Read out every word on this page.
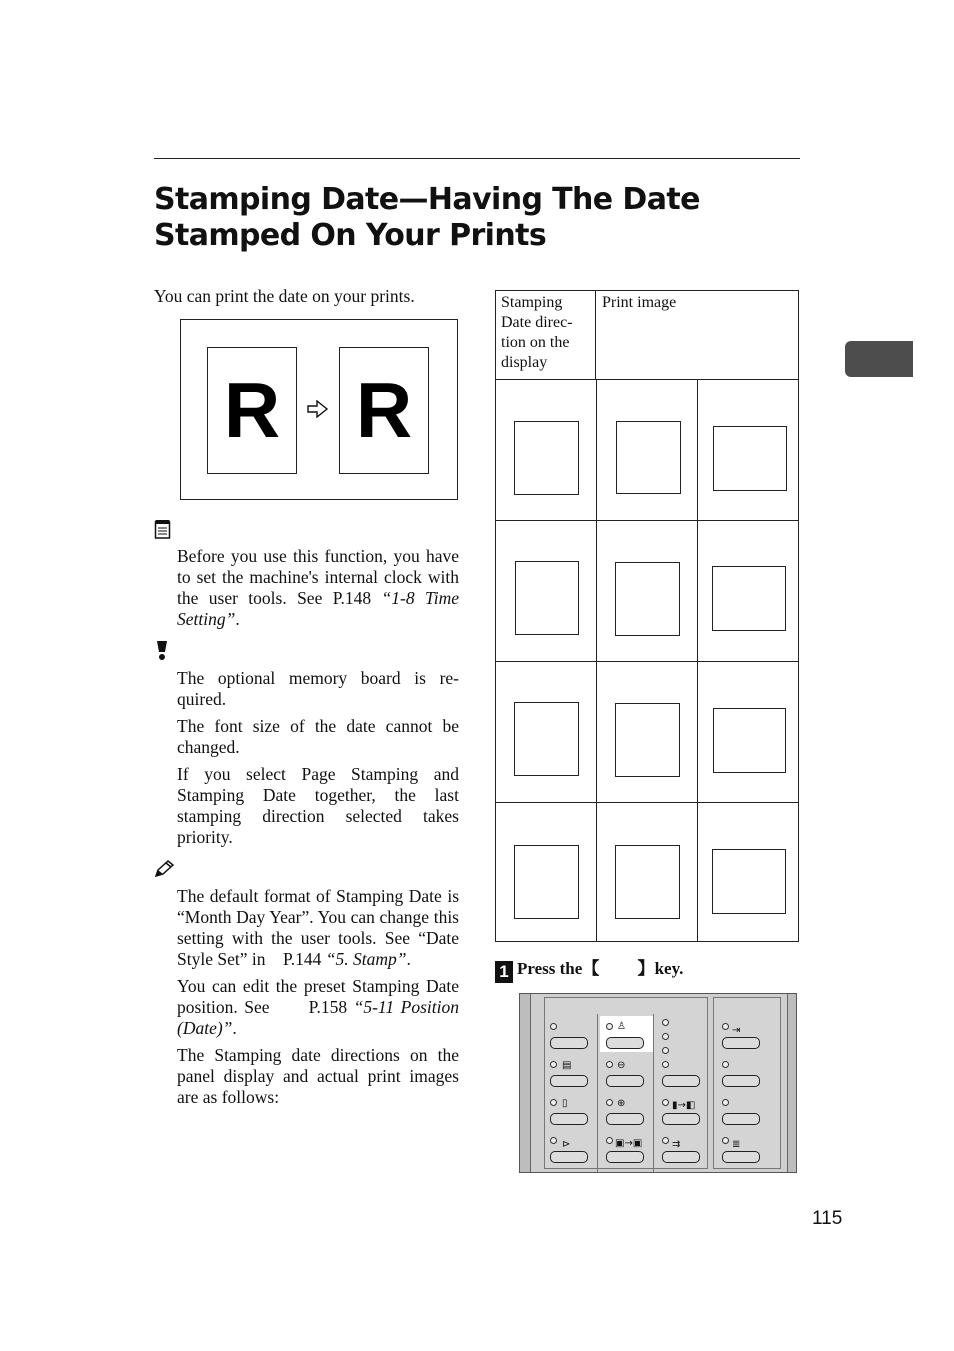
Stamping Date—Having The Date
Stamped On Your Prints
You can print the date on your prints.
R R

Before you use this function, you have to set the machine's internal clock with the user tools. See P.148 “1-8 Time Setting”.

The optional memory board is re-quired.

The font size of the date cannot be changed.

If you select Page Stamping and Stamping Date together, the last stamping direction selected takes priority.

The default format of Stamping Date is “Month Day Year”. You can change this setting with the user tools. See “Date Style Set” in    P.144 “5. Stamp”.

You can edit the preset Stamping Date position. See      P.158 “5-11 Position (Date)”.

The Stamping date directions on the panel display and actual print images are as follows:

Stamping Date direc-tion on the display
Print image
1 Press the【         】key.
▤
▯
⊳
♙
⊖
⊕
▣→▣
▮→◧
⇉
⇥
≣
115
